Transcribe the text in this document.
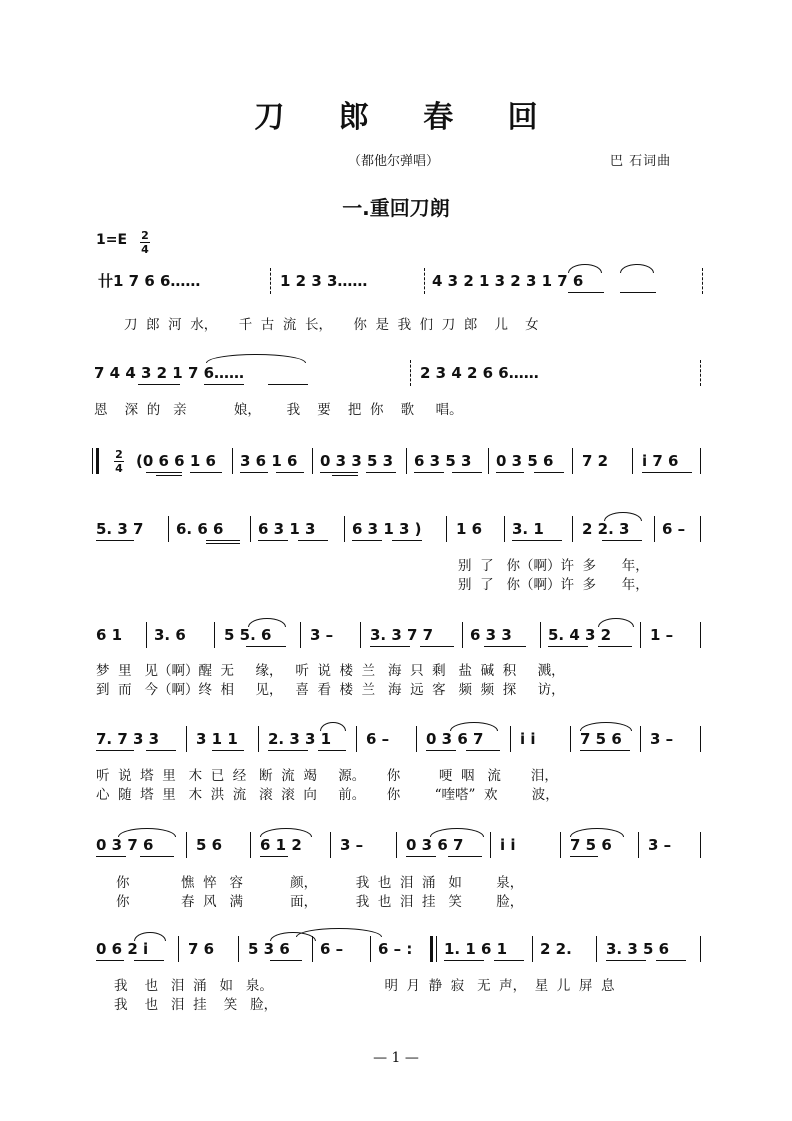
刀 郎 春 回
（都他尔弹唱）	巴 石词曲
一.重回刀朗
1=E 2
4
卄1 7 6 6……	1 2 3 3……	4 3 2 1 3 2 3 1 7 6
刀  郎  河  水，     千  古  流  长，     你  是  我  们  刀  郎    儿    女
7 4 4 3 2 1 7 6……	2 3 4 2 6 6……
恩    深  的   亲           娘，      我    要    把  你    歌     唱。
2
4 (0 6 6 1 6 3 6 1 6 0 3 3 5 3 6 3 5 3 0 3 5 6 7 2 i 7 6
5. 3 7 6. 6 6 6 3 1 3 6 3 1 3 ) 1 6 3. 1	2 2. 3 6 –
别  了   你（啊）许  多      年，
别  了   你（啊）许  多      年，
6 1 3. 6	5 5. 6	3 – 3. 3 7 7 6 3 3 5. 4 3 2	1 –
梦  里   见（啊）醒  无     缘，   听  说  楼  兰   海  只  剩   盐  碱  积     溅，
到  而   今（啊）终  相     见，   喜  看  楼  兰   海  远  客   频  频  探     访，
7. 7 3 3 3 1 1 2. 3 3 1 6 – 0 3 6 7 i i	7 5 6 3 –
听  说  塔  里   木  已  经   断  流  竭     源。     你         哽  咽   流       泪，
心  随  塔  里   木  洪  流   滚  滚  向     前。     你        “喹嗒”  欢        波，
0 3 7 6	5 6	6 1 2	3 –	0 3 6 7 i i	7 5 6 3 –
你            憔  悴   容           颜，         我  也  泪  涌   如        泉，
你            春  风   满           面，         我  也  泪  挂   笑        脸，
0 6 2 i	7 6 5 3 6 6 – 6 – : 1. 1 6 1 2 2. 3. 3 5 6
我    也   泪  涌   如   泉。                          明  月  静  寂   无  声，  星  儿  屏  息
我    也   泪  挂    笑   脸，
— 1 —
